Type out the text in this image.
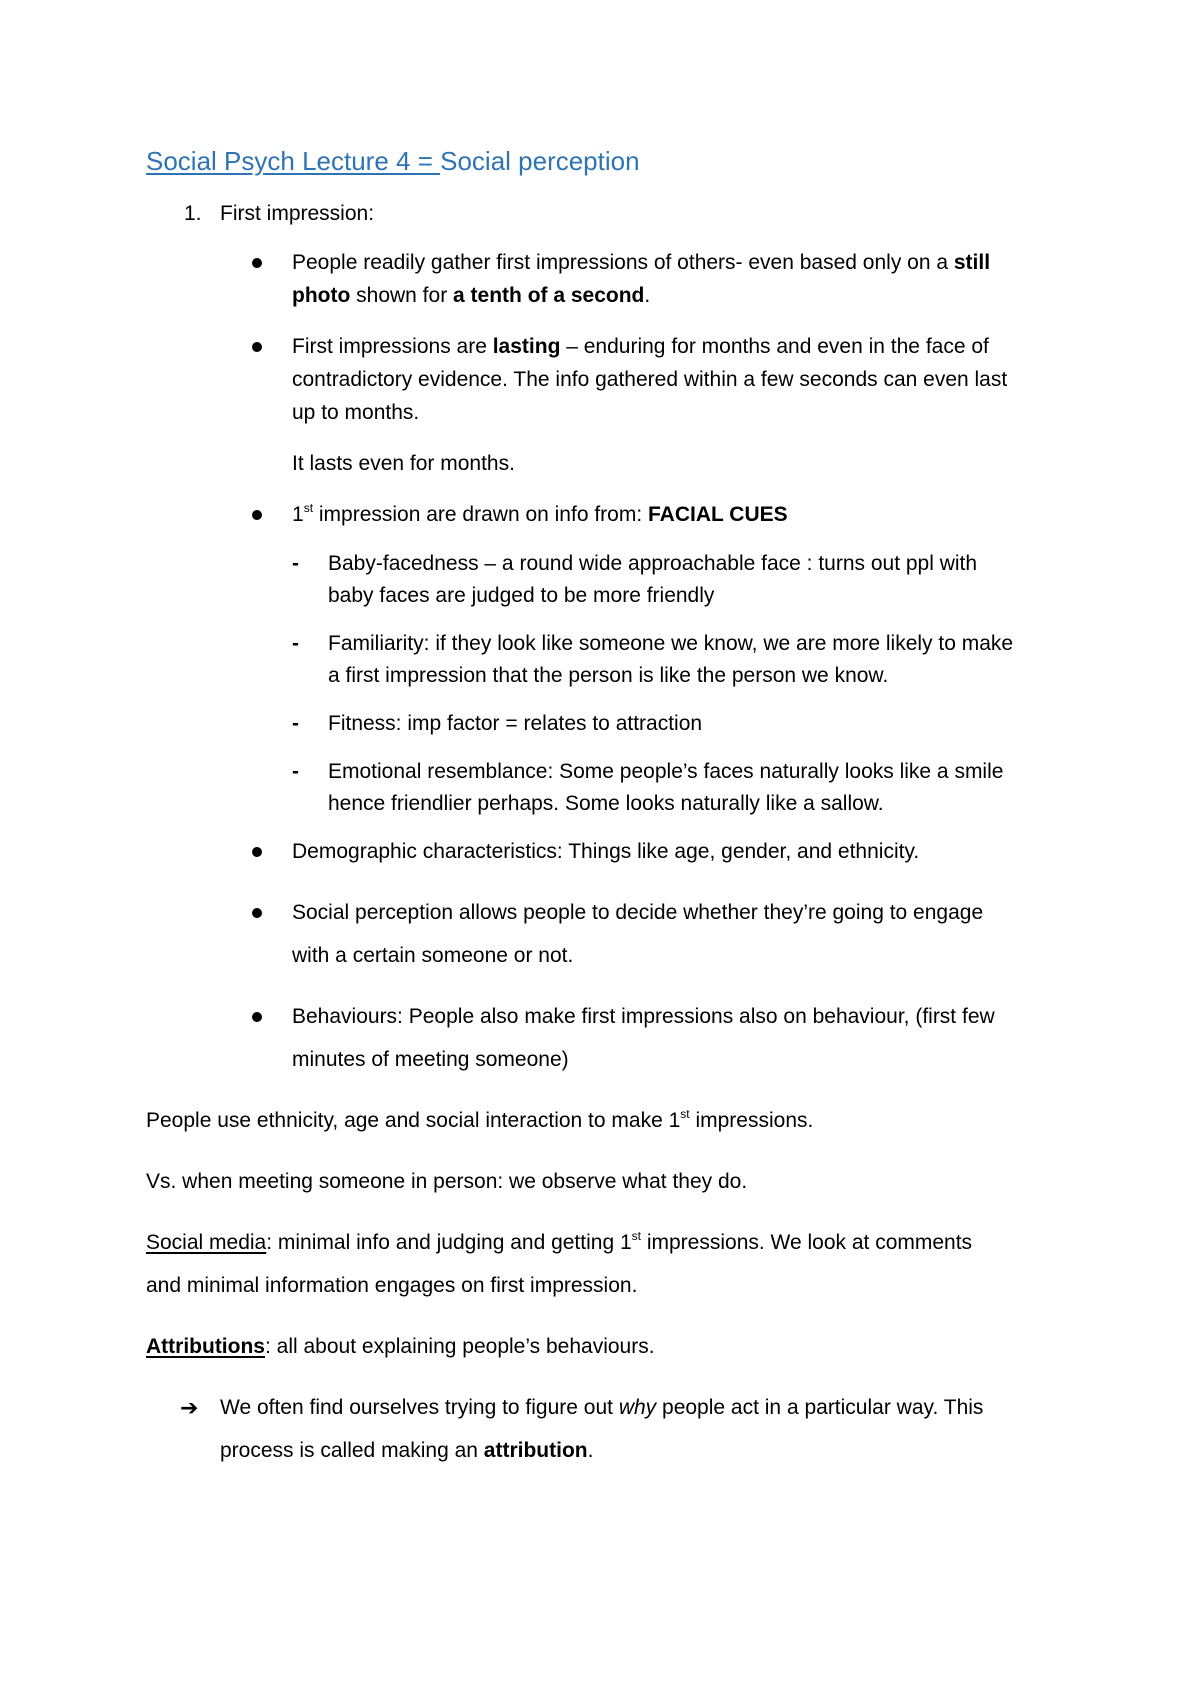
Social Psych Lecture 4 = Social perception
1. First impression:
People readily gather first impressions of others- even based only on a still
photo shown for a tenth of a second.
First impressions are lasting – enduring for months and even in the face of
contradictory evidence. The info gathered within a few seconds can even last
up to months.
It lasts even for months.
1st impression are drawn on info from: FACIAL CUES
- Baby-facedness – a round wide approachable face : turns out ppl with
baby faces are judged to be more friendly
- Familiarity: if they look like someone we know, we are more likely to make
a first impression that the person is like the person we know.
- Fitness: imp factor = relates to attraction
- Emotional resemblance: Some people’s faces naturally looks like a smile
hence friendlier perhaps. Some looks naturally like a sallow.
Demographic characteristics: Things like age, gender, and ethnicity.
Social perception allows people to decide whether they’re going to engage
with a certain someone or not.
Behaviours: People also make first impressions also on behaviour, (first few
minutes of meeting someone)
People use ethnicity, age and social interaction to make 1st impressions.
Vs. when meeting someone in person: we observe what they do.
Social media: minimal info and judging and getting 1st impressions. We look at comments
and minimal information engages on first impression.
Attributions: all about explaining people’s behaviours.
➔ We often find ourselves trying to figure out why people act in a particular way. This
process is called making an attribution.
